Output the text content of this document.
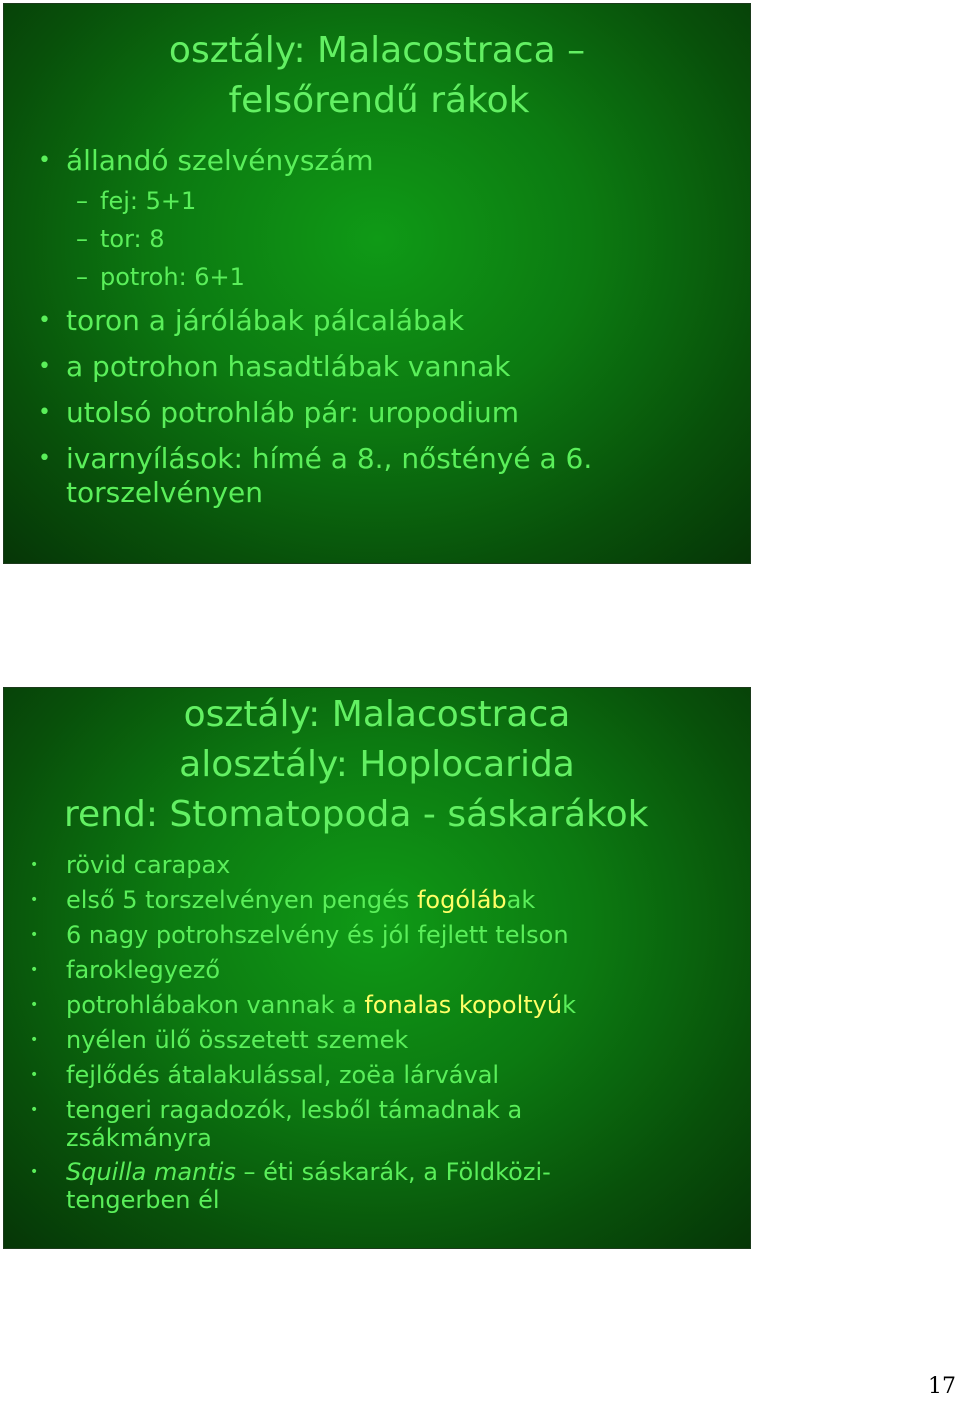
osztály: Malacostraca –
felsőrendű rákok
• állandó szelvényszám
– fej: 5+1
– tor: 8
– potroh: 6+1
• toron a járólábak pálcalábak
• a potrohon hasadtlábak vannak
• utolsó potrohláb pár: uropodium
• ivarnyílások: hímé a 8., nőstényé a 6. torszelvényen
osztály: Malacostraca
alosztály: Hoplocarida
rend: Stomatopoda - sáskarákok
• rövid carapax
• első 5 torszelvényen pengés fogólábak
• 6 nagy potrohszelvény és jól fejlett telson
• faroklegyező
• potrohlábakon vannak a fonalas kopoltyúk
• nyélen ülő összetett szemek
• fejlődés átalakulással, zoëa lárvával
• tengeri ragadozók, lesből támadnak a zsákmányra
• Squilla mantis – éti sáskarák, a Földközi-tengerben él
17
